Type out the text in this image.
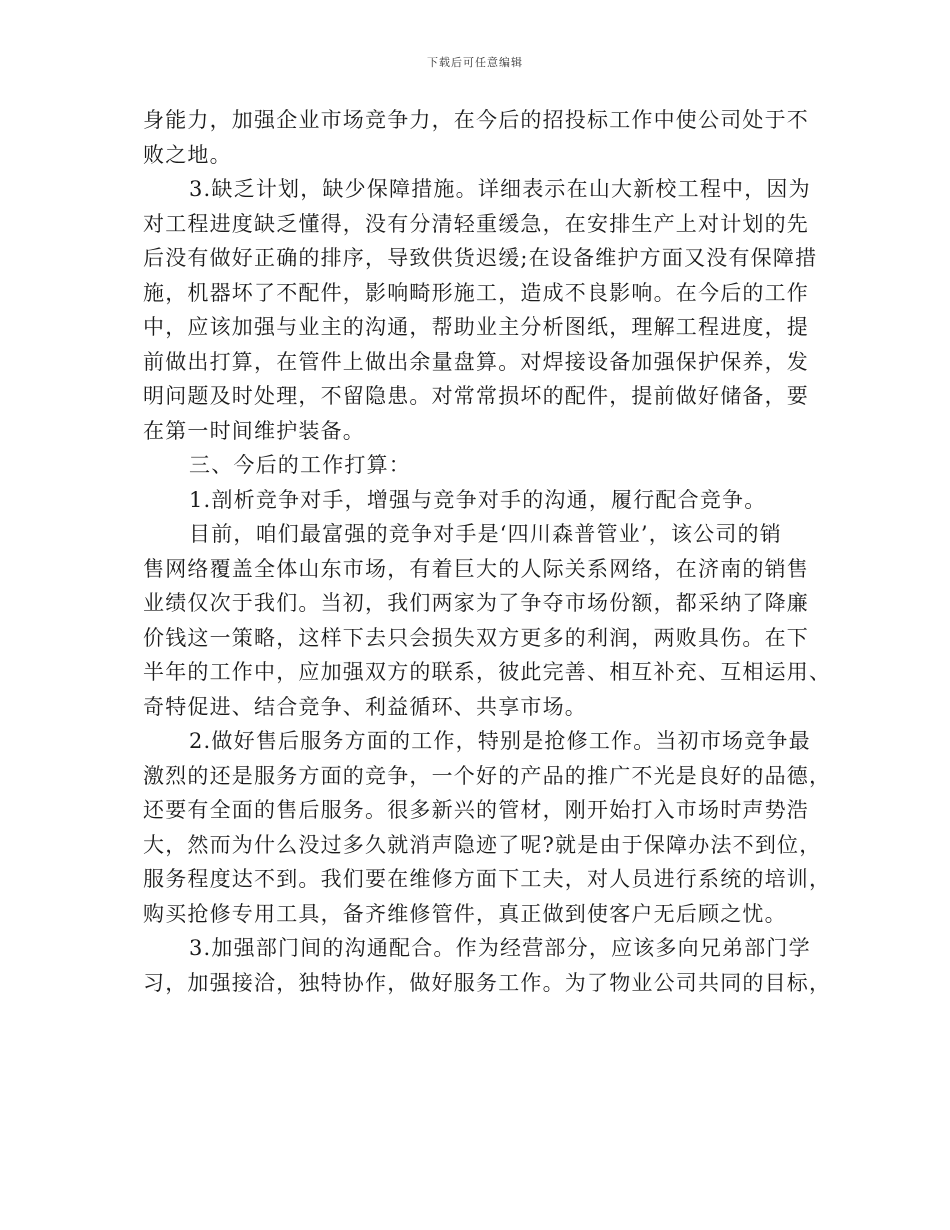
下载后可任意编辑
身能力，加强企业市场竞争力，在今后的招投标工作中使公司处于不
败之地。
3.缺乏计划，缺少保障措施。详细表示在山大新校工程中，因为
对工程进度缺乏懂得，没有分清轻重缓急，在安排生产上对计划的先
后没有做好正确的排序，导致供货迟缓;在设备维护方面又没有保障措
施，机器坏了不配件，影响畸形施工，造成不良影响。在今后的工作
中，应该加强与业主的沟通，帮助业主分析图纸，理解工程进度，提
前做出打算，在管件上做出余量盘算。对焊接设备加强保护保养，发
明问题及时处理，不留隐患。对常常损坏的配件，提前做好储备，要
在第一时间维护装备。
三、今后的工作打算：
1.剖析竞争对手，增强与竞争对手的沟通，履行配合竞争。
目前，咱们最富强的竞争对手是‘四川森普管业’，该公司的销
售网络覆盖全体山东市场，有着巨大的人际关系网络，在济南的销售
业绩仅次于我们。当初，我们两家为了争夺市场份额，都采纳了降廉
价钱这一策略，这样下去只会损失双方更多的利润，两败具伤。在下
半年的工作中，应加强双方的联系，彼此完善、相互补充、互相运用、
奇特促进、结合竞争、利益循环、共享市场。
2.做好售后服务方面的工作，特别是抢修工作。当初市场竞争最
激烈的还是服务方面的竞争，一个好的产品的推广不光是良好的品德，
还要有全面的售后服务。很多新兴的管材，刚开始打入市场时声势浩
大，然而为什么没过多久就消声隐迹了呢?就是由于保障办法不到位，
服务程度达不到。我们要在维修方面下工夫，对人员进行系统的培训，
购买抢修专用工具，备齐维修管件，真正做到使客户无后顾之忧。
3.加强部门间的沟通配合。作为经营部分，应该多向兄弟部门学
习，加强接洽，独特协作，做好服务工作。为了物业公司共同的目标，
